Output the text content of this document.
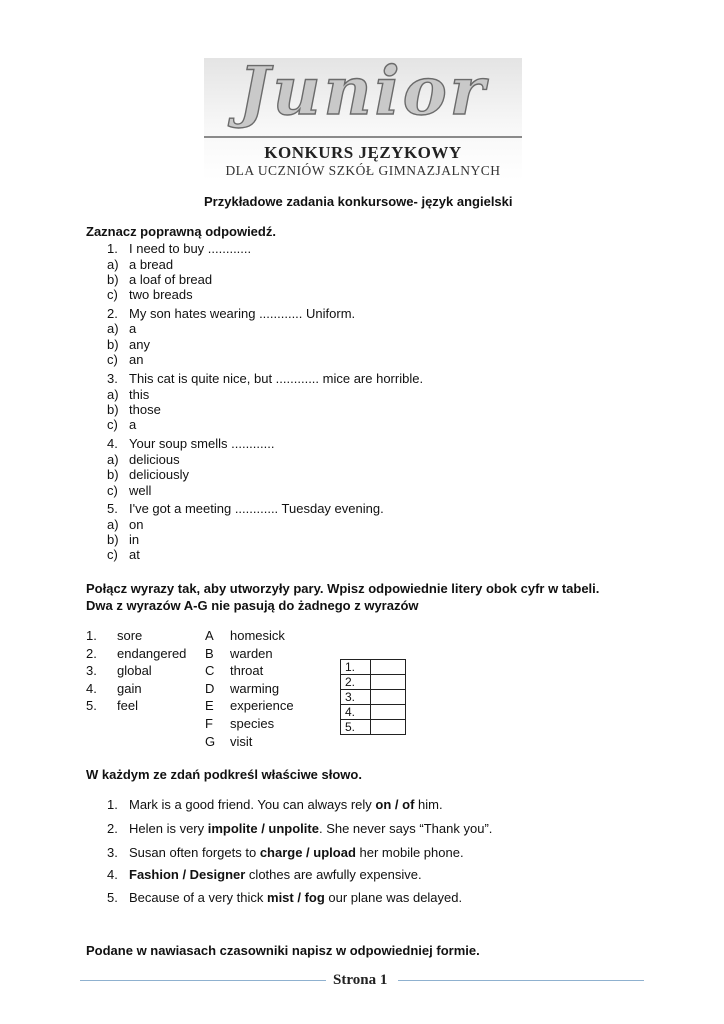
Junior
KONKURS JĘZYKOWY
DLA UCZNIÓW SZKÓŁ GIMNAZJALNYCH
Przykładowe zadania konkursowe- język angielski
Zaznacz poprawną odpowiedź.
1. I need to buy ............
a) a bread
b) a loaf of bread
c) two breads
2. My son hates wearing ............ Uniform.
a) a
b) any
c) an
3. This cat is quite nice, but ............ mice are horrible.
a) this
b) those
c) a
4. Your soup smells ............
a) delicious
b) deliciously
c) well
5. I've got a meeting ............ Tuesday evening.
a) on
b) in
c) at
Połącz wyrazy tak, aby utworzyły pary. Wpisz odpowiednie litery obok cyfr w tabeli.
Dwa z wyrazów A-G nie pasują do żadnego z wyrazów
1. sore
2. endangered
3. global
4. gain
5. feel
A homesick
B warden
C throat
D warming
E experience
F species
G visit
1.	
2.	
3.	
4.	
5.	
W każdym ze zdań podkreśl właściwe słowo.
1. Mark is a good friend. You can always rely on / of him.
2. Helen is very impolite / unpolite. She never says “Thank you”.
3. Susan often forgets to charge / upload her mobile phone.
4. Fashion / Designer clothes are awfully expensive.
5. Because of a very thick mist / fog our plane was delayed.
Podane w nawiasach czasowniki napisz w odpowiedniej formie.
Strona 1
